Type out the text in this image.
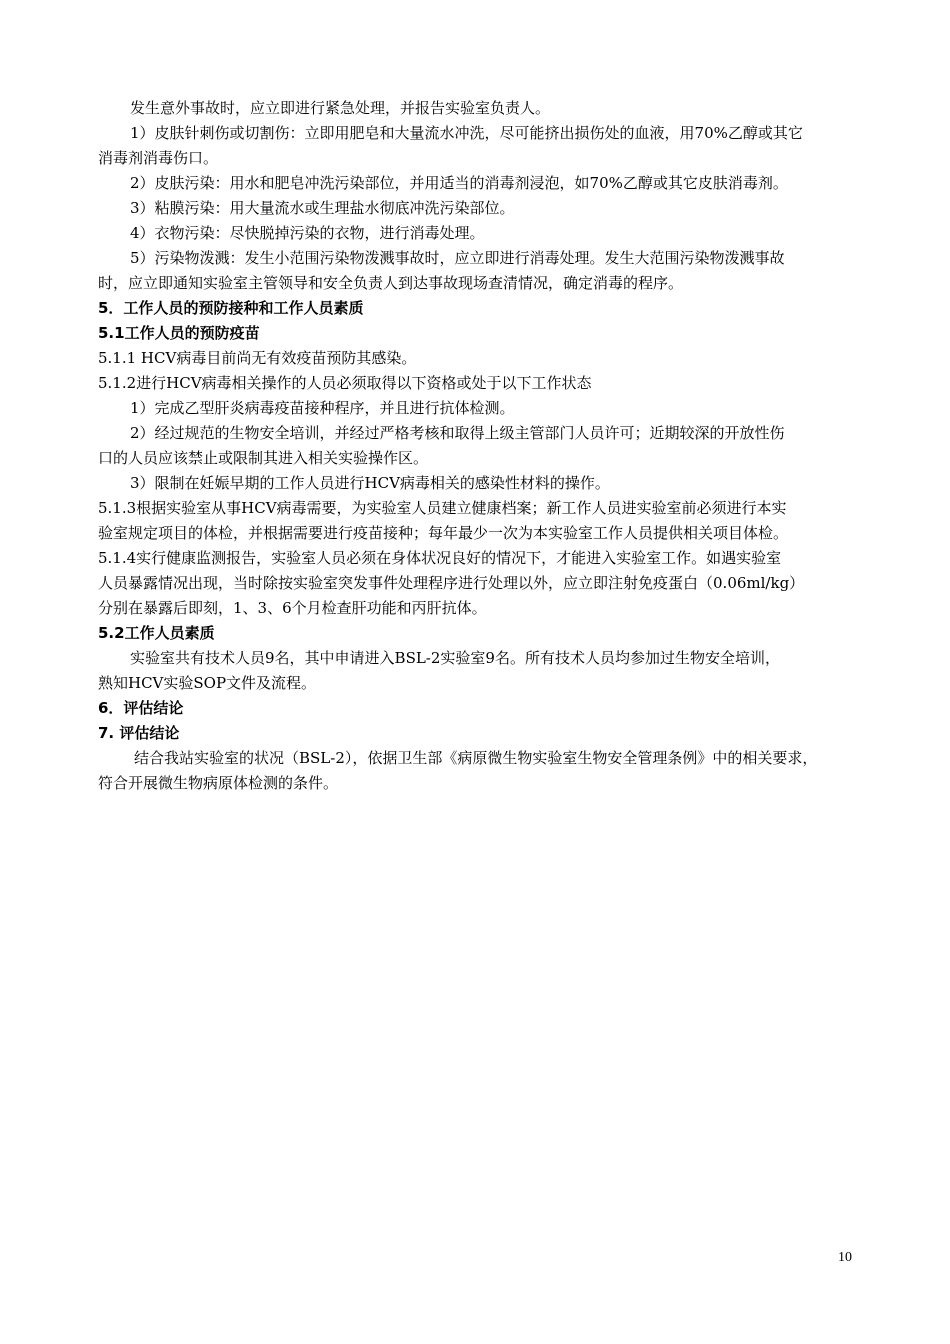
发生意外事故时，应立即进行紧急处理，并报告实验室负责人。
1）皮肤针刺伤或切割伤：立即用肥皂和大量流水冲洗，尽可能挤出损伤处的血液，用70%乙醇或其它
消毒剂消毒伤口。
2）皮肤污染：用水和肥皂冲洗污染部位，并用适当的消毒剂浸泡，如70%乙醇或其它皮肤消毒剂。
3）粘膜污染：用大量流水或生理盐水彻底冲洗污染部位。
4）衣物污染：尽快脱掉污染的衣物，进行消毒处理。
5）污染物泼溅：发生小范围污染物泼溅事故时，应立即进行消毒处理。发生大范围污染物泼溅事故
时，应立即通知实验室主管领导和安全负责人到达事故现场查清情况，确定消毒的程序。
5．工作人员的预防接种和工作人员素质
5.1工作人员的预防疫苗
5.1.1 HCV病毒目前尚无有效疫苗预防其感染。
5.1.2进行HCV病毒相关操作的人员必须取得以下资格或处于以下工作状态
1）完成乙型肝炎病毒疫苗接种程序，并且进行抗体检测。
2）经过规范的生物安全培训，并经过严格考核和取得上级主管部门人员许可；近期较深的开放性伤
口的人员应该禁止或限制其进入相关实验操作区。
3）限制在妊娠早期的工作人员进行HCV病毒相关的感染性材料的操作。
5.1.3根据实验室从事HCV病毒需要，为实验室人员建立健康档案；新工作人员进实验室前必须进行本实
验室规定项目的体检，并根据需要进行疫苗接种；每年最少一次为本实验室工作人员提供相关项目体检。
5.1.4实行健康监测报告，实验室人员必须在身体状况良好的情况下，才能进入实验室工作。如遇实验室
人员暴露情况出现，当时除按实验室突发事件处理程序进行处理以外，应立即注射免疫蛋白（0.06ml/kg）
分别在暴露后即刻，1、3、6个月检查肝功能和丙肝抗体。
5.2工作人员素质
实验室共有技术人员9名，其中申请进入BSL-2实验室9名。所有技术人员均参加过生物安全培训，
熟知HCV实验SOP文件及流程。
6．评估结论
7. 评估结论
结合我站实验室的状况（BSL-2），依据卫生部《病原微生物实验室生物安全管理条例》中的相关要求，
符合开展微生物病原体检测的条件。
10
